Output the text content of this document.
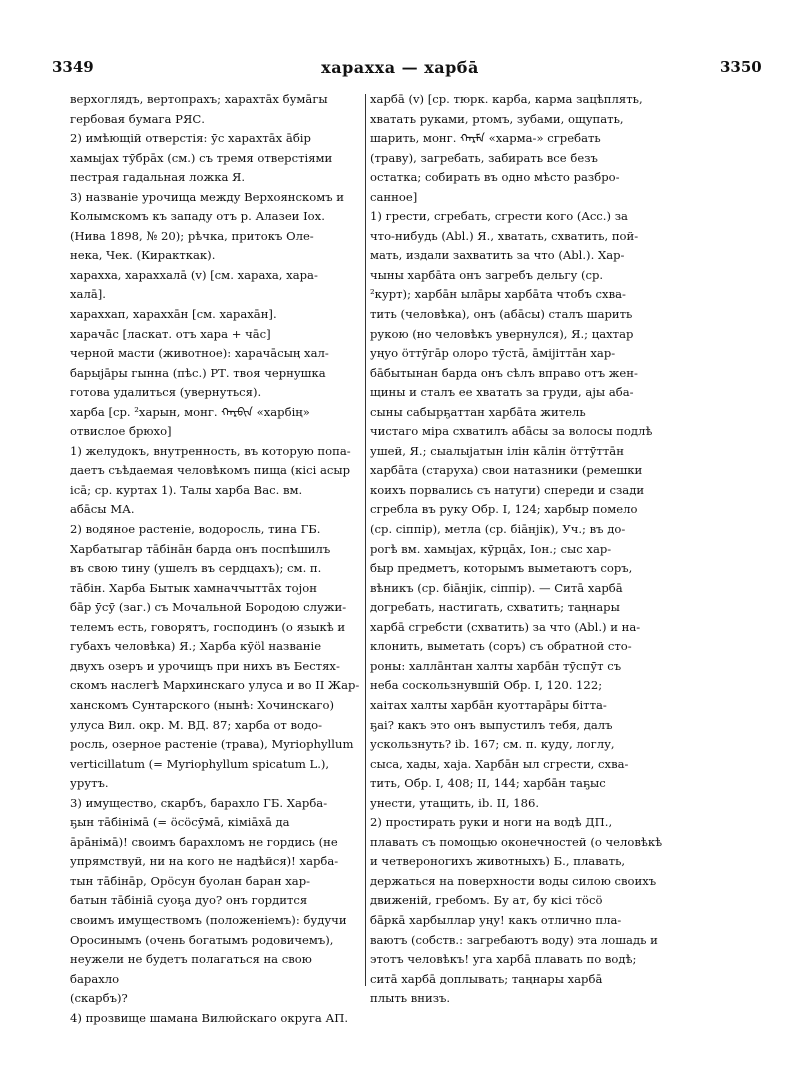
3349	хараxха — харбā	3350

верхоглядъ, вертопрахъ; хараxтāх бумāгы

гербовая бумага РЯС.

2) имѣющій отверстія: ӯс хараxтāх āбір

хамыјах тӯбрāх (см.) съ тремя отверстіями

пестрая гадальная ложка Я.

3) названіе урочища между Верхоянскомъ и

Колымскомъ къ западу отъ р. Алазеи Іох.

(Нива 1898, № 20); рѣчка, притокъ Оле-

нека, Чек. (Киракткак).

хараxха, хараxхалā (v) [см. хараха, хара-

халā].

хараxхап, хараxхāн [см. харахāн].

харачāс [ласкат. отъ хара + чāс]

черной масти (животное): харачāсың хал-

барыјāры гынна (пѣс.) РТ. твоя чернушка

готова удалиться (увернуться).

харба [ср. ²харын, монг. ᠬᠠᠷᠪᠢᠨ «харбің»

отвислое брюхо]

1) желудокъ, внутренность, въ которую попа-

даетъ съѣдаемая человѣкомъ пища (кісі асыр

ісā; ср. куртах 1). Талы харба Вас. вм.

абāсы МА.

2) водяное растеніе, водоросль, тина ГБ.

Харбатыгар тāбінāн барда онъ поспѣшилъ

въ свою тину (ушелъ въ сердцахъ); см. п.

тāбін. Харба Бытык хамначчыттāх тојон

бāр ӯсӯ (заг.) съ Мочальной Бородою служи-

телемъ есть, говорятъ, господинъ (о языкѣ и

губахъ человѣка) Я.; Харба кӯöl названіе

двухъ озеръ и урочищъ при нихъ въ Бестях-

скомъ наслегѣ Мархинскаго улуса и во II Жар-

ханскомъ Сунтарского (нынѣ: Хочинскаго)

улуса Вил. окр. М. ВД. 87; харба от водо-

росль, озерное растеніе (трава), Myriophyllum

verticillatum (= Myriophyllum spicatum L.),

урутъ.

3) имущество, скарбъ, барахло ГБ. Харба-

ҕын тāбінімā (= öсöсӯмā, кіміāхā да

āрāнімā)! своимъ барахломъ не гордись (не

упрямствуй, ни на кого не надѣйся)! харба-

тын тāбінāр, Орöсун буолан баран хар-

батын тāбінiā суоҕа дуо? онъ гордится

своимъ имуществомъ (положеніемъ): будучи

Оросинымъ (очень богатымъ родовичемъ),

неужели не будетъ полагаться на свою барахло

(скарбъ)?

4) прозвище шамана Вилюйскаго округа АП.

харбā (v) [ср. тюрк. карба, карма зацѣплять,

хватать руками, ртомъ, зубами, ощупать,

шарить, монг. ᠬᠠᠷᠮᠠ «харма-» сгребать

(траву), загребать, забирать все безъ

остатка; собирать въ одно мѣсто разбро-

санное]

1) грести, сгребать, сгрести кого (Acc.) за

что-нибудь (Abl.) Я., хватать, схватить, пой-

мать, издали захватить за что (Abl.). Хар-

чыны харбāта онъ загребъ дельгу (ср.

²курт); харбāн ылāры харбāта чтобъ схва-

тить (человѣка), онъ (абāсы) сталъ шарить

рукою (но человѣкъ увернулся), Я.; цахтар

уңуо öттӯгāр олоро тӯстā, āмiјiттāн хар-

бāбытынан барда онъ сѣлъ вправо отъ жен-

щины и сталъ ее хватать за груди, аjы аба-

сыны сабырҕаттан харбāта житель

чистаго міра схватилъ абāсы за волосы подлѣ

ушей, Я.; сыалыјатын ілін кāлін öттӯттāн

харбāта (старуха) свои натазники (ремешки

коихъ порвались съ натуги) спереди и сзади

сгребла въ руку Обр. I, 124; харбыр помело

(ср. сiппiр), метла (ср. бiāнjiк), Уч.; въ до-

рогѣ вм. хамыјах, кӯрцāх, Іон.; сыс хар-

быр предметъ, которымъ выметаютъ соръ,

вѣникъ (ср. бiāнjiк, сiппiр). — Ситā харбā

догребать, настигать, схватить; таңнары

харбā сгребсти (схватить) за что (Abl.) и на-

клонить, выметать (соръ) съ обратной сто-

роны: халлāнтан халты харбāн тӯспӯт съ

неба соскользнувшій Обр. I, 120. 122;

хаiтах халты харбāн куоттарāры бiтта-

ҕаi? какъ это онъ выпустилъ тебя, далъ

ускользнуть? ib. 167; см. п. куду, логлу,

сыса, хады, хаjа. Харбāн ыл сгрести, схва-

тить, Обр. I, 408; II, 144; харбāн таҕыс

унести, утащить, ib. II, 186.

2) простирать руки и ноги на водѣ ДП.,

плавать съ помощью оконечностей (о человѣкѣ

и четвероногихъ животныхъ) Б., плавать,

держаться на поверхности воды силою своихъ

движеній, гребомъ. Бу ат, бу кiсi тöсö

бāркā харбыллар уңу! какъ отлично пла-

ваютъ (собств.: загребаютъ воду) эта лошадь и

этотъ человѣкъ! уга харбā плавать по водѣ;

ситā харбā доплывать; таңнары харбā

плыть внизъ.
